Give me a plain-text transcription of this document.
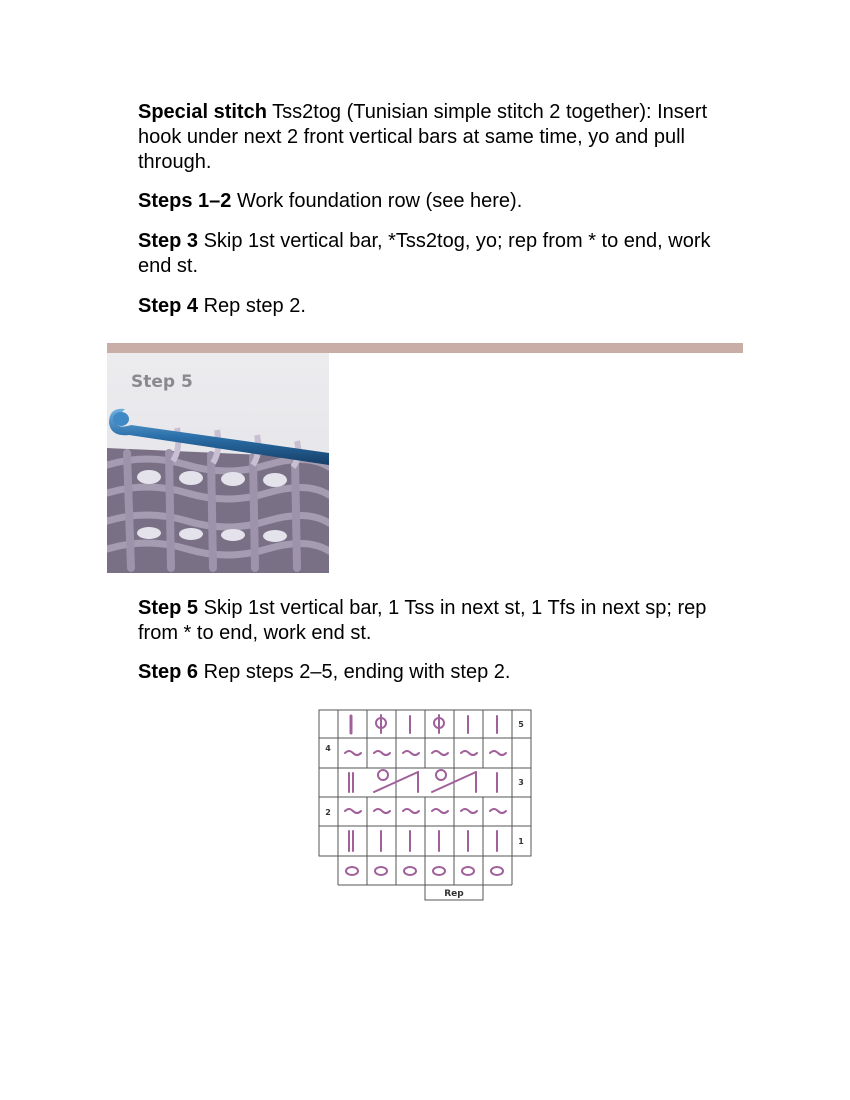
Special stitch Tss2tog (Tunisian simple stitch 2 together): Insert hook under next 2 front vertical bars at same time, yo and pull through.

Steps 1–2 Work foundation row (see here).

Step 3 Skip 1st vertical bar, *Tss2tog, yo; rep from * to end, work end st.

Step 4 Rep step 2.

Step 5

Step 5 Skip 1st vertical bar, 1 Tss in next st, 1 Tfs in next sp; rep from * to end, work end st.

Step 6 Rep steps 2–5, ending with step 2.

5
4
3
2
1
Rep
